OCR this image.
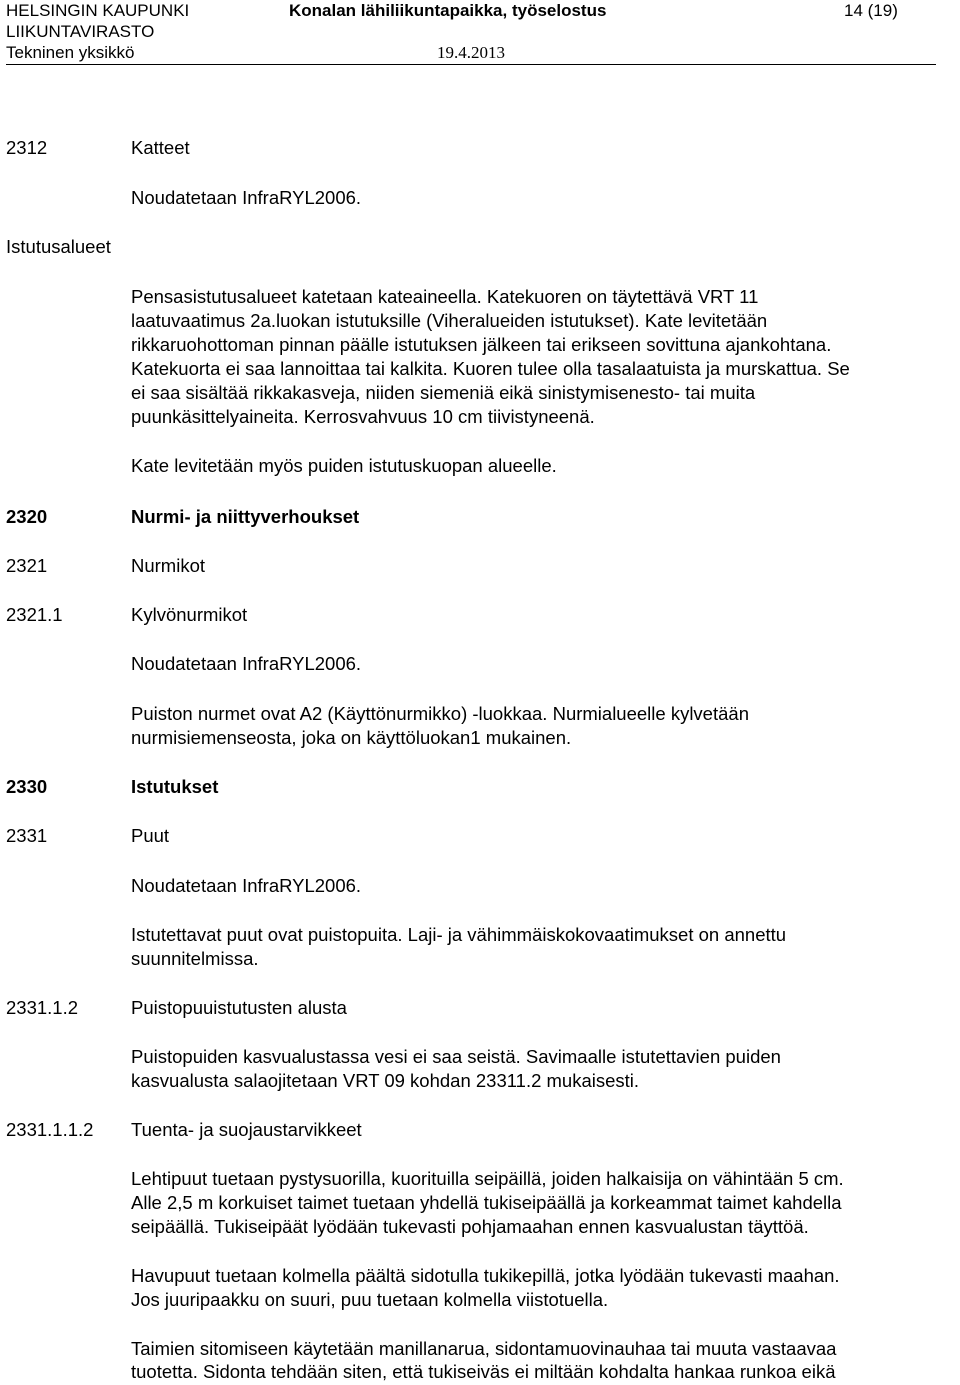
HELSINGIN KAUPUNKI
LIIKUNTAVIRASTO
Tekninen yksikkö
Konalan lähiliikuntapaikka, työselostus
19.4.2013
14 (19)
2312	Katteet
Noudatetaan InfraRYL2006.
Istutusalueet
Pensasistutusalueet katetaan kateaineella. Katekuoren on täytettävä VRT 11
laatuvaatimus 2a.luokan istutuksille (Viheralueiden istutukset). Kate levitetään
rikkaruohottoman pinnan päälle istutuksen jälkeen tai erikseen sovittuna ajankohtana.
Katekuorta ei saa lannoittaa tai kalkita. Kuoren tulee olla tasalaatuista ja murskattua. Se
ei saa sisältää rikkakasveja, niiden siemeniä eikä sinistymisenesto- tai muita
puunkäsittelyaineita. Kerrosvahvuus 10 cm tiivistyneenä.
Kate levitetään myös puiden istutuskuopan alueelle.
2320	Nurmi- ja niittyverhoukset
2321	Nurmikot
2321.1	Kylvönurmikot
Noudatetaan InfraRYL2006.
Puiston nurmet ovat A2 (Käyttönurmikko) -luokkaa. Nurmialueelle kylvetään
nurmisiemenseosta, joka on käyttöluokan1 mukainen.
2330	Istutukset
2331	Puut
Noudatetaan InfraRYL2006.
Istutettavat puut ovat puistopuita. Laji- ja vähimmäiskokovaatimukset on annettu
suunnitelmissa.
2331.1.2	Puistopuuistutusten alusta
Puistopuiden kasvualustassa vesi ei saa seistä. Savimaalle istutettavien puiden
kasvualusta salaojitetaan VRT 09 kohdan 23311.2 mukaisesti.
2331.1.1.2 Tuenta- ja suojaustarvikkeet
Lehtipuut tuetaan pystysuorilla, kuorituilla seipäillä, joiden halkaisija on vähintään 5 cm.
Alle 2,5 m korkuiset taimet tuetaan yhdellä tukiseipäällä ja korkeammat taimet kahdella
seipäällä. Tukiseipäät lyödään tukevasti pohjamaahan ennen kasvualustan täyttöä.
Havupuut tuetaan kolmella päältä sidotulla tukikepillä, jotka lyödään tukevasti maahan.
Jos juuripaakku on suuri, puu tuetaan kolmella viistotuella.
Taimien sitomiseen käytetään manillanarua, sidontamuovinauhaa tai muuta vastaavaa
tuotetta. Sidonta tehdään siten, että tukiseiväs ei miltään kohdalta hankaa runkoa eikä
